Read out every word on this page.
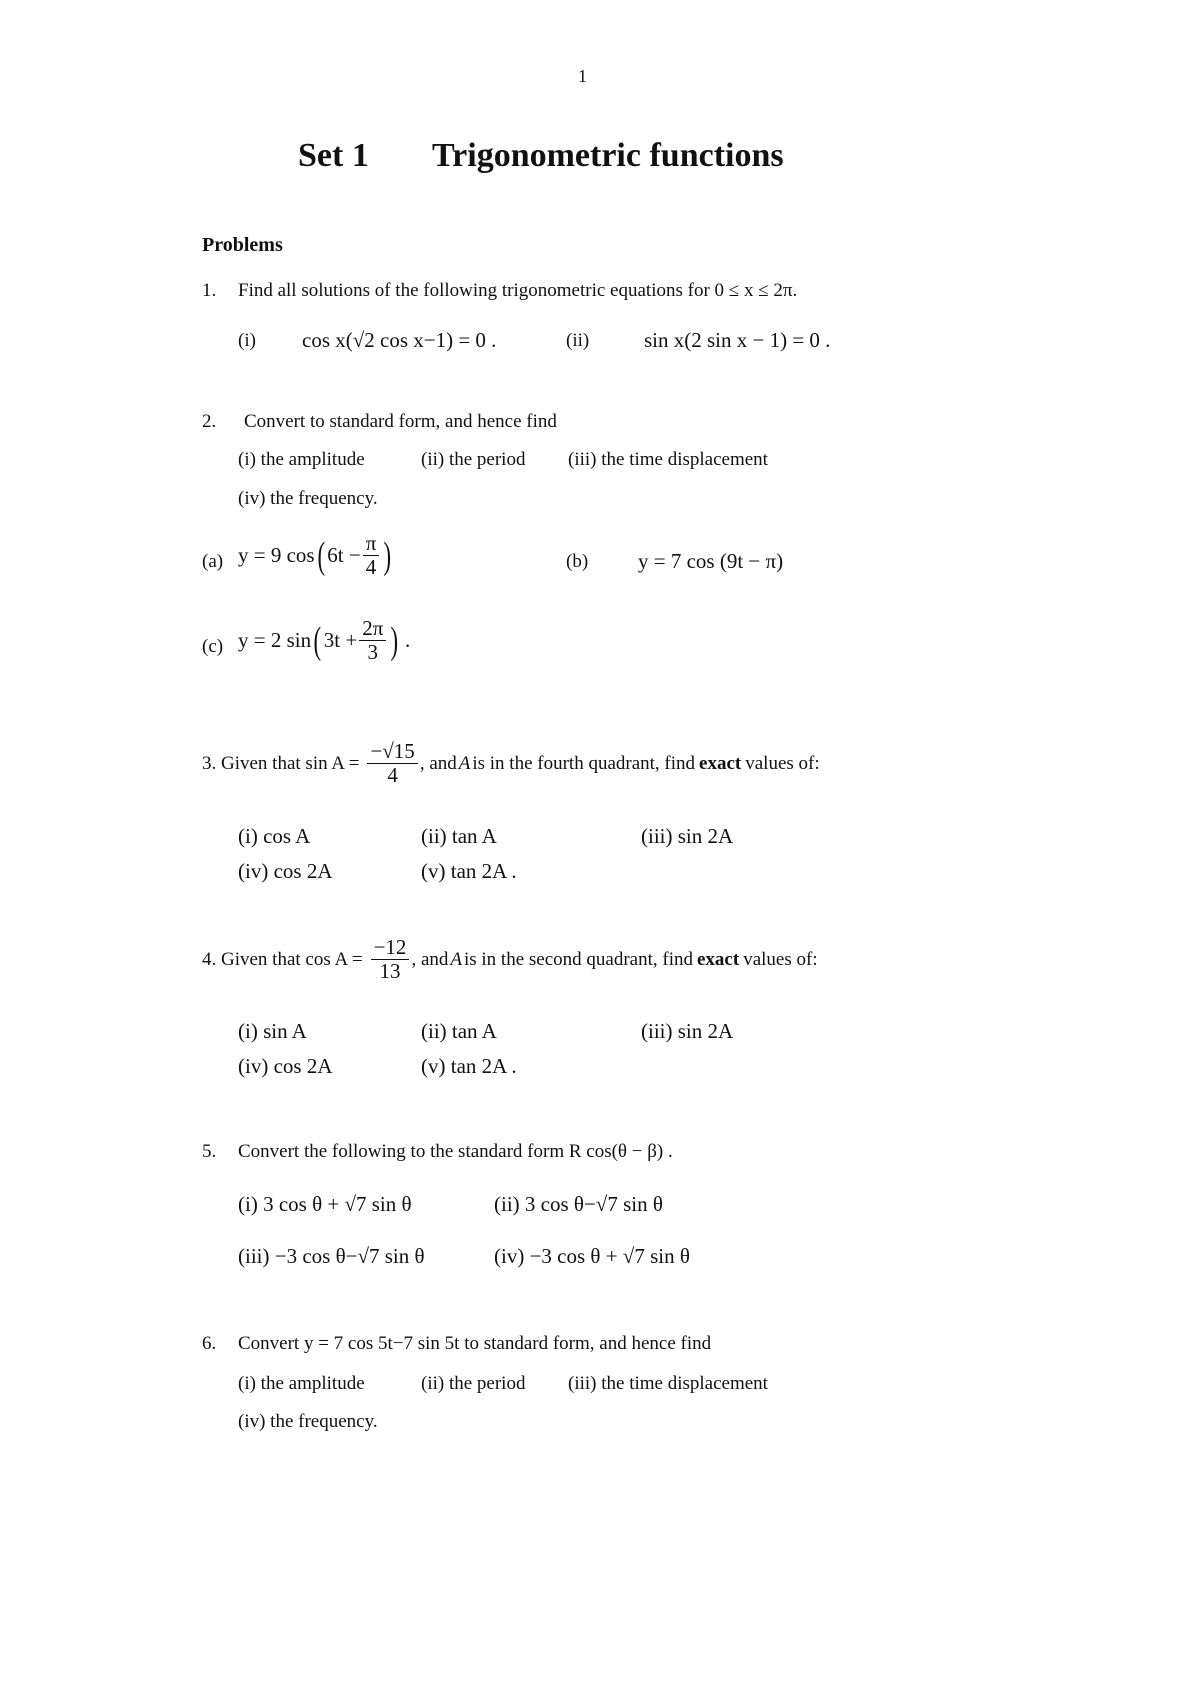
1
Set 1 Trigonometric functions
Problems
1. Find all solutions of the following trigonometric equations for 0 ≤ x ≤ 2π.
(i) cos x(√2 cos x−1) = 0 .	(ii)	sin x(2 sin x − 1) = 0 .
2. Convert to standard form, and hence find
(i) the amplitude	(ii) the period (iii) the time displacement
(iv) the frequency.
(a) y = 9 cos ( $6t - \frac{\pi}{4}$ )	(b) y = 7 cos (9t − π)
(c) y = 2 sin ( $3t + \frac{2\pi}{3}$ ) .
3. Given that $\sin A = \frac{-√15}{4}$ , and A is in the fourth quadrant, find exact values of:
(i) cos A	(ii) tan A	(iii) sin 2A
(iv) cos 2A	(v) tan 2A .
4. Given that $\cos A = \frac{-12}{13}$ , and A is in the second quadrant, find exact values of:
(i) sin A	(ii) tan A	(iii) sin 2A
(iv) cos 2A	(v) tan 2A .
5. Convert the following to the standard form R cos(θ − β) .
(i) 3 cos θ + √7 sin θ	(ii) 3 cos θ−√7 sin θ
(iii) −3 cos θ−√7 sin θ	(iv) −3 cos θ + √7 sin θ
6. Convert y = 7 cos 5t−7 sin 5t to standard form, and hence find
(i) the amplitude	(ii) the period (iii) the time displacement
(iv) the frequency.
